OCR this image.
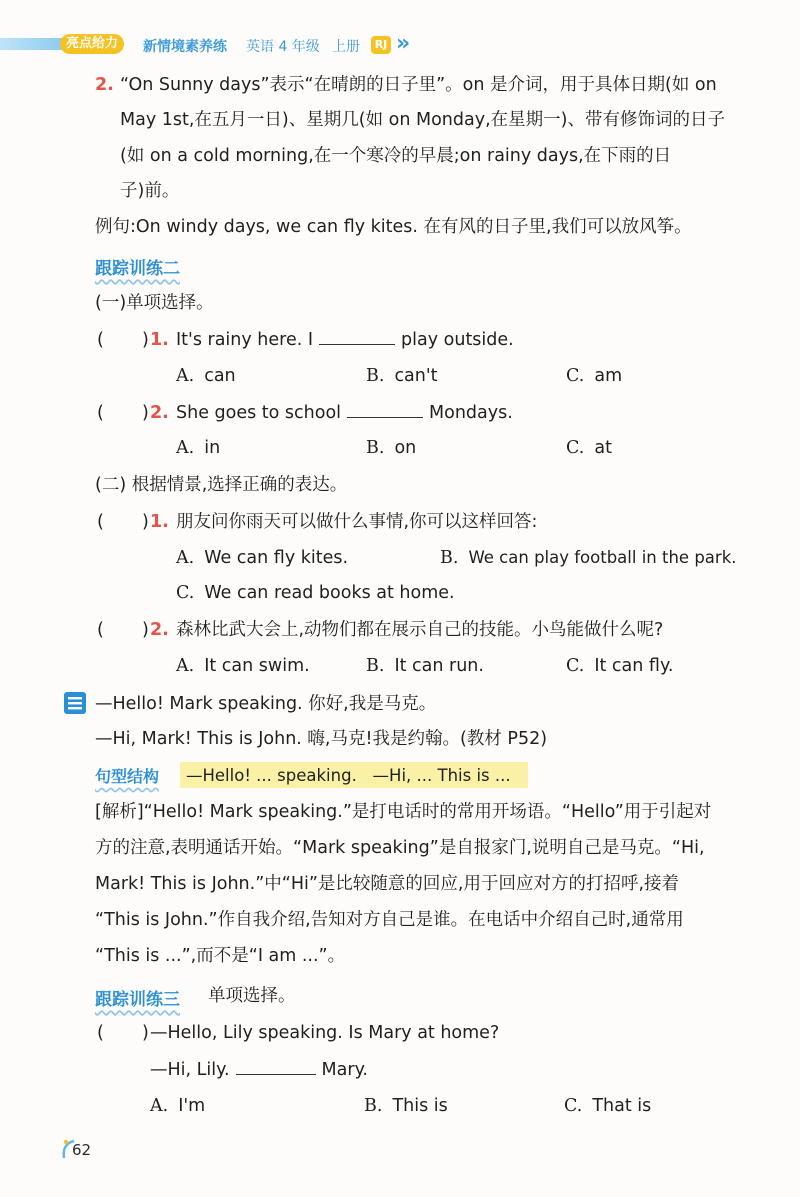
亮点给力	新情境素养练 英语 4 年级 上册	RJ »
2. “On Sunny days”表示“在晴朗的日子里”。on 是介词，用于具体日期(如 on
May 1st,在五月一日)、星期几(如 on Monday,在星期一)、带有修饰词的日子
(如 on a cold morning,在一个寒冷的早晨;on rainy days,在下雨的日
子)前。
例句:On windy days, we can fly kites. 在有风的日子里,我们可以放风筝。
跟踪训练二
(一)单项选择。
( ) 1. It's rainy here. I	play outside.
A. can	B. can't	C. am
( ) 2. She goes to school	Mondays.
A. in	B. on	C. at
(二) 根据情景,选择正确的表达。
( ) 1. 朋友问你雨天可以做什么事情,你可以这样回答:
A. We can fly kites.	B. We can play football in the park.
C. We can read books at home.
( ) 2. 森林比武大会上,动物们都在展示自己的技能。小鸟能做什么呢?
A. It can swim.	B. It can run.	C. It can fly.
—Hello! Mark speaking. 你好,我是马克。
—Hi, Mark! This is John. 嗨,马克!我是约翰。(教材 P52)
句型结构 —Hello! ... speaking.   —Hi, ... This is ...
[解析]“Hello! Mark speaking.”是打电话时的常用开场语。“Hello”用于引起对
方的注意,表明通话开始。“Mark speaking”是自报家门,说明自己是马克。“Hi,
Mark! This is John.”中“Hi”是比较随意的回应,用于回应对方的打招呼,接着
“This is John.”作自我介绍,告知对方自己是谁。在电话中介绍自己时,通常用
“This is ...”,而不是“I am ...”。
跟踪训练三 单项选择。
( ) —Hello, Lily speaking. Is Mary at home?
—Hi, Lily.	Mary.
A. I'm	B. This is	C. That is
62
